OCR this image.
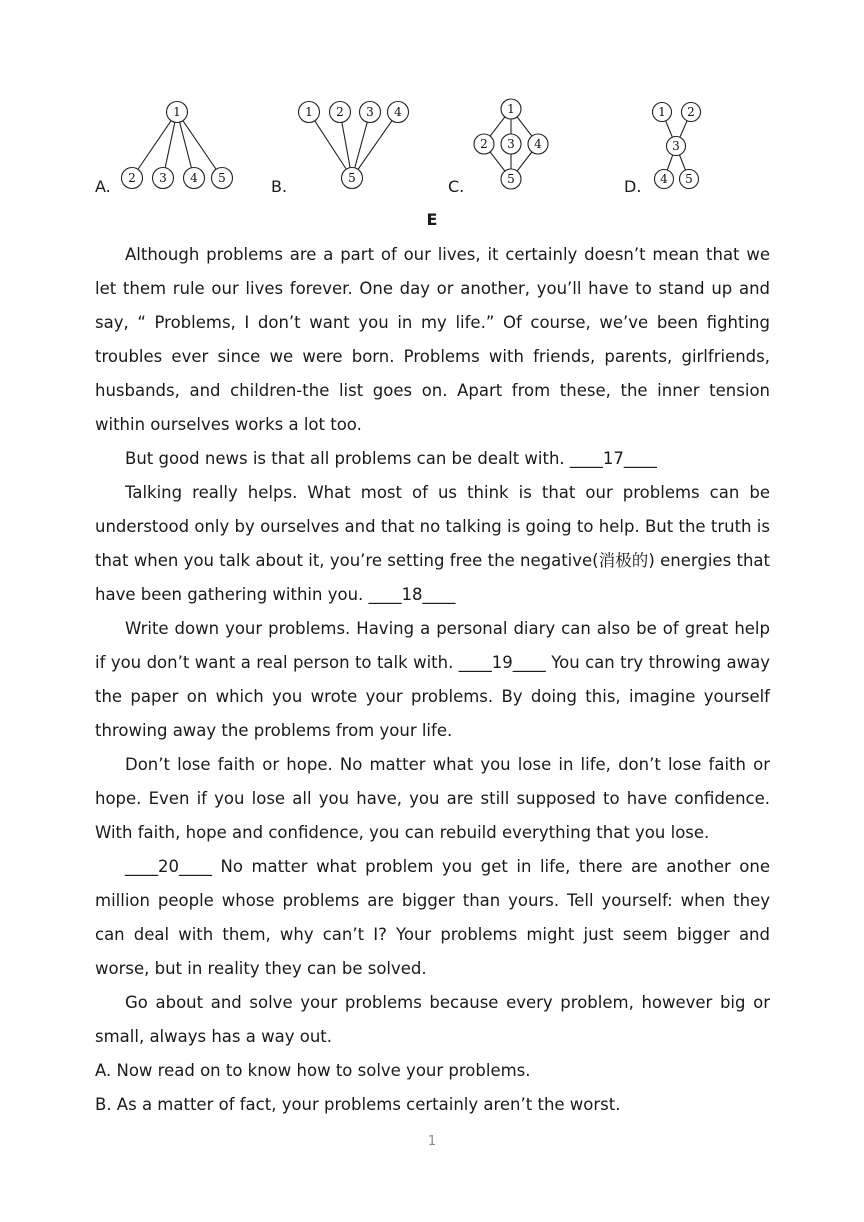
A.
1
2 3 4 5	B.
1 2 3 4
5	C.
1
2 3 4
5	D.
1 2
3
4 5
E

Although problems are a part of our lives, it certainly doesn’t mean that we let them rule our lives forever. One day or another, you’ll have to stand up and say, “ Problems, I don’t want you in my life.” Of course, we’ve been fighting troubles ever since we were born. Problems with friends, parents, girlfriends, husbands, and children-the list goes on. Apart from these, the inner tension within ourselves works a lot too.

But good news is that all problems can be dealt with. ____17____

Talking really helps. What most of us think is that our problems can be understood only by ourselves and that no talking is going to help. But the truth is that when you talk about it, you’re setting free the negative(消极的) energies that have been gathering within you. ____18____

Write down your problems. Having a personal diary can also be of great help if you don’t want a real person to talk with. ____19____ You can try throwing away the paper on which you wrote your problems. By doing this, imagine yourself throwing away the problems from your life.

Don’t lose faith or hope. No matter what you lose in life, don’t lose faith or hope. Even if you lose all you have, you are still supposed to have confidence. With faith, hope and confidence, you can rebuild everything that you lose.

____20____ No matter what problem you get in life, there are another one million people whose problems are bigger than yours. Tell yourself: when they can deal with them, why can’t I? Your problems might just seem bigger and worse, but in reality they can be solved.

Go about and solve your problems because every problem, however big or small, always has a way out.

A. Now read on to know how to solve your problems.

B. As a matter of fact, your problems certainly aren’t the worst.

1
